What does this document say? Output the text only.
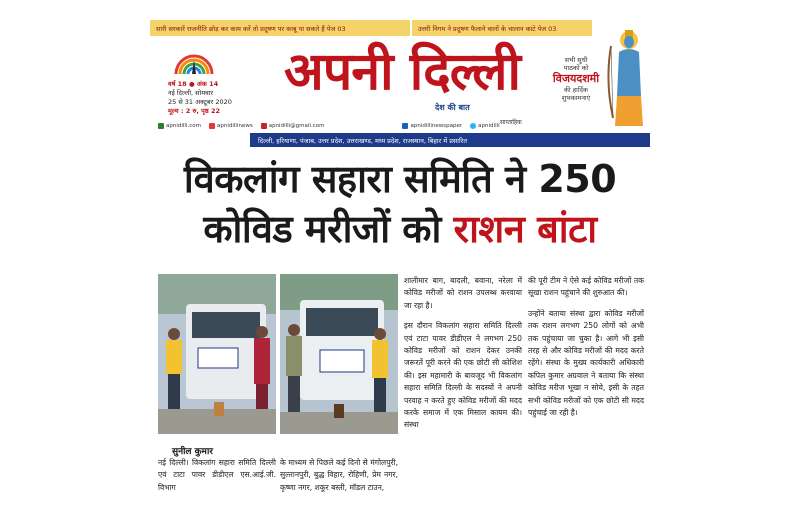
सारी सरकारें राजनीति छोड़ कर काम करें तो प्रदूषण पर काबू पा सकते हैं पेज 03	उत्तरी निगम ने प्रदूषण फैलाने वालों के चालान काटे पेज 03
वर्ष 18 ● अंक 14
नई दिल्ली, सोमवार
25 से 31 अक्टूबर 2020
मूल्य : 2 रु, पृष्ठ 22
अपनी दिल्ली
देश की बात
साप्ताहिक
सभी सुधी
पाठकों को
विजयदशमी
की हार्दिक
शुभकामनाएं
apnidilli.com	apnidillinews	apnidilli@gmail.com	apnidillinewspaper	apnidilli
दिल्ली, हरियाणा, पंजाब, उत्तर प्रदेश, उत्तराखण्ड, मध्य प्रदेश, राजस्थान, बिहार में प्रसारित
विकलांग सहारा समिति ने 250
कोविड मरीजों को राशन बांटा
सुनील कुमार

नई दिल्ली। विकलांग सहारा समिति दिल्ली एवं टाटा पावर डीडीएल एस.आई.जी. विभाग

के माध्यम से पिछले कई दिनो से मंगोलपुरी, सुल्तानपुरी, बुद्ध विहार, रोहिणी, प्रेम नगर, कृष्णा नगर, शकूर बस्ती, मॉडल टाउन,

शालीमार बाग, बादली, बवाना, नरेला में कोविड मरीजों को राशन उपलब्ध करवाया जा रहा है।

इस दौरान विकलांग सहारा समिति दिल्ली एवं टाटा पावर डीडीएल ने लगभग 250 कोविड मरीजों को राशन देकर उनकी जरूरतें पूरी करने की एक छोटी सी कोशिश की। इस महामारी के बावजूद भी विकलांग सहारा समिति दिल्ली के सदस्यों ने अपनी परवाह न करते हुए कोविड मरीजों की मदद करके समाज में एक मिसाल कायम की। संस्था

की पूरी टीम ने ऐसे कई कोविड मरीजों तक सूखा राशन पहुंचाने की शुरुआत की।

उन्होंने बताया संस्था द्वारा कोविड मरीजों तक राशन लगभग 250 लोगों को अभी तक पहुंचाया जा चुका है। आगे भी इसी तरह से और कोविड मरीजों की मदद करते रहेंगे। संस्था के मुख्य कार्यकारी अधिकारी कपिल कुमार अग्रवाल ने बताया कि संस्था कोविड मरीज भूखा न सोये, इसी के तहत सभी कोविड मरीजों को एक छोटी सी मदद पहुंचाई जा रही है।
